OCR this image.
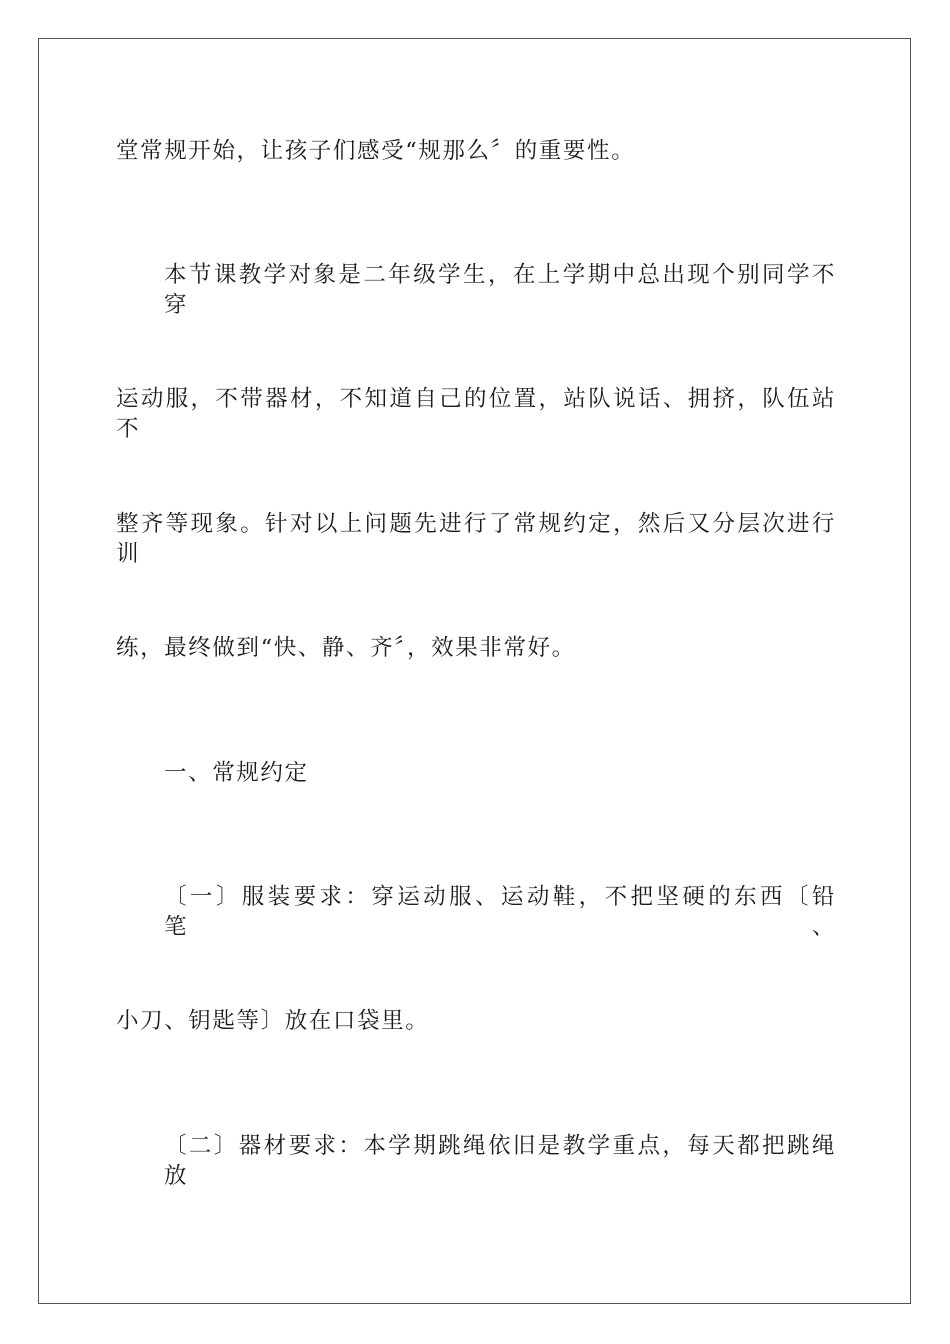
堂常规开始，让孩子们感受“规那么〞的重要性。
本节课教学对象是二年级学生，在上学期中总出现个别同学不穿
运动服，不带器材，不知道自己的位置，站队说话、拥挤，队伍站不
整齐等现象。针对以上问题先进行了常规约定，然后又分层次进行训
练，最终做到“快、静、齐〞，效果非常好。
一、常规约定
〔一〕服装要求：穿运动服、运动鞋，不把坚硬的东西〔铅笔、
小刀、钥匙等〕放在口袋里。
〔二〕器材要求：本学期跳绳依旧是教学重点，每天都把跳绳放
